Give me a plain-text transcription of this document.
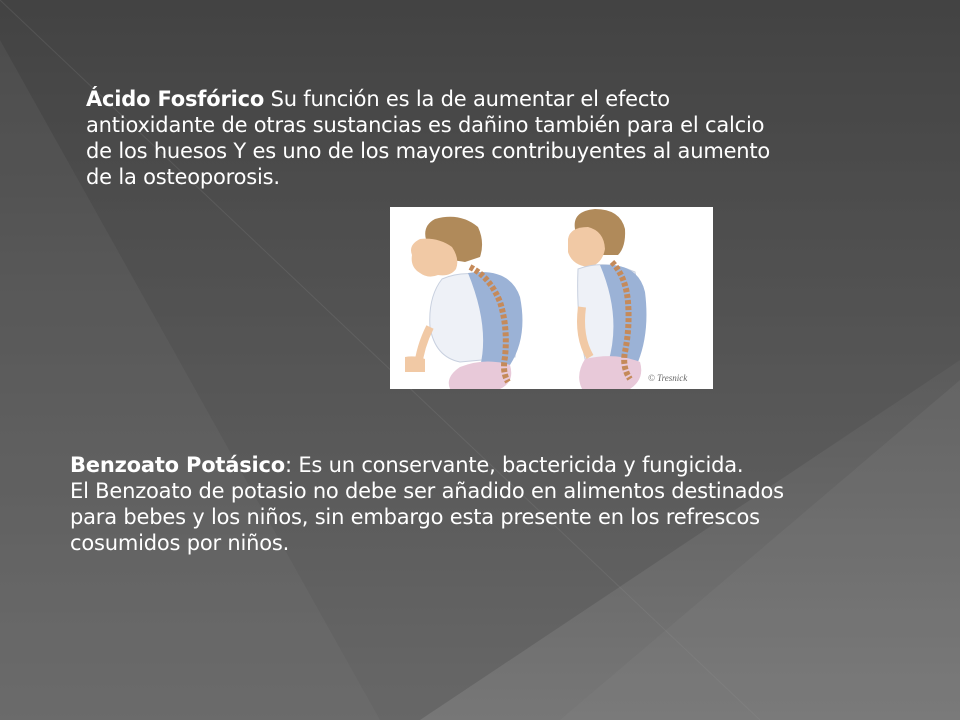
Ácido Fosfórico Su función es la de aumentar el efecto
antioxidante de otras sustancias es dañino también para el calcio
de los huesos Y es uno de los mayores contribuyentes al aumento
de la osteoporosis.

© Tresnick

Benzoato Potásico: Es un conservante, bactericida y fungicida.
El Benzoato de potasio no debe ser añadido en alimentos destinados
para bebes y los niños, sin embargo esta presente en los refrescos
cosumidos por niños.
